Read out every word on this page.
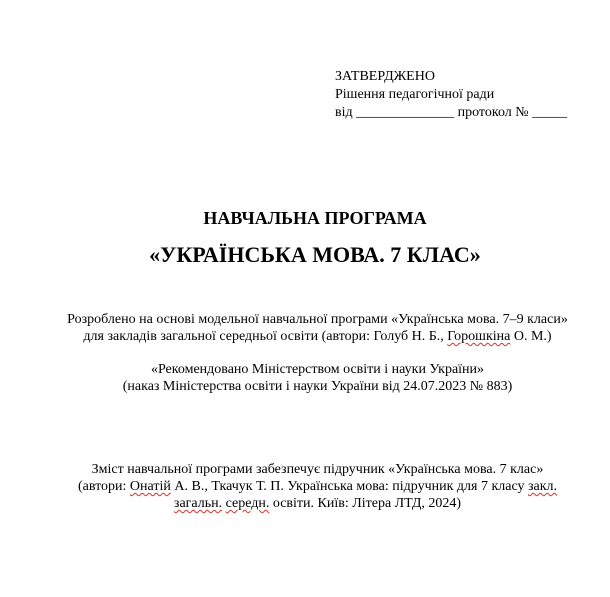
ЗАТВЕРДЖЕНО
Рішення педагогічної ради
від ______________ протокол № _____
НАВЧАЛЬНА ПРОГРАМА
«УКРАЇНСЬКА МОВА. 7 КЛАС»
Розроблено на основі модельної навчальної програми «Українська мова. 7–9 класи»
для закладів загальної середньої освіти (автори: Голуб Н. Б., Горошкіна О. М.)
«Рекомендовано Міністерством освіти і науки України»
(наказ Міністерства освіти і науки України від 24.07.2023 № 883)
Зміст навчальної програми забезпечує підручник «Українська мова. 7 клас»
(автори: Онатій А. В., Ткачук Т. П. Українська мова: підручник для 7 класу закл.
загальн. середн. освіти. Київ: Літера ЛТД, 2024)
